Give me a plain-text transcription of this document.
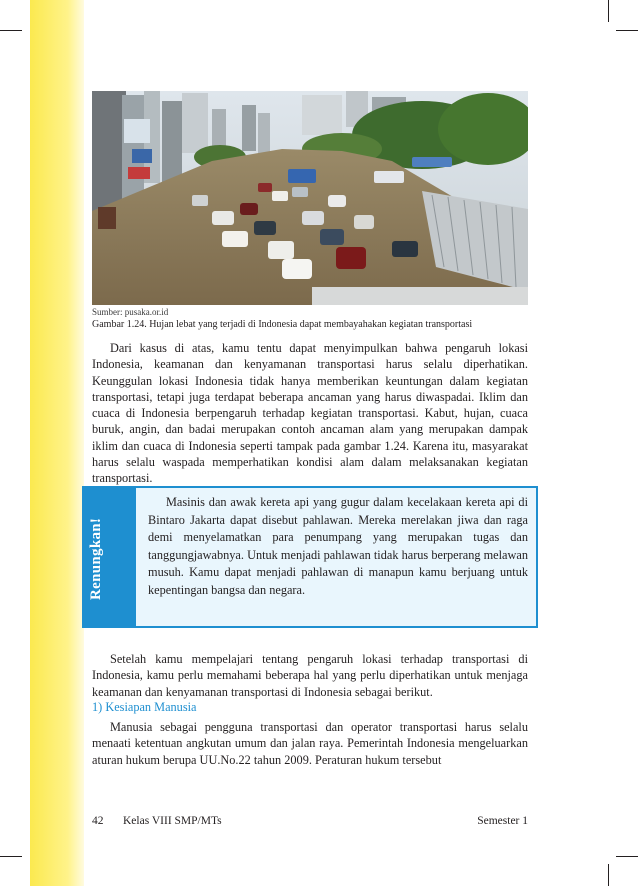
Sumber: pusaka.or.id
Gambar 1.24. Hujan lebat yang terjadi di Indonesia dapat membayahakan kegiatan transportasi

Dari kasus di atas, kamu tentu dapat menyimpulkan bahwa pengaruh lokasi Indonesia, keamanan dan kenyamanan transportasi harus selalu diperhatikan. Keunggulan lokasi Indonesia tidak hanya memberikan keuntungan dalam kegiatan transportasi, tetapi juga terdapat beberapa ancaman yang harus diwaspadai. Iklim dan cuaca di Indonesia berpengaruh terhadap kegiatan transportasi. Kabut, hujan, cuaca buruk, angin, dan badai merupakan contoh ancaman alam yang merupakan dampak iklim dan cuaca di Indonesia seperti tampak pada gambar 1.24. Karena itu, masyarakat harus selalu waspada memperhatikan kondisi alam dalam melaksanakan kegiatan transportasi.

Renungkan!

Masinis dan awak kereta api yang gugur dalam kecelakaan kereta api di Bintaro Jakarta dapat disebut pahlawan. Mereka merelakan jiwa dan raga demi menyelamatkan para penumpang yang merupakan tugas dan tanggungjawabnya. Untuk menjadi pahlawan tidak harus berperang melawan musuh. Kamu dapat menjadi pahlawan di manapun kamu berjuang untuk kepentingan bangsa dan negara.

Setelah kamu mempelajari tentang pengaruh lokasi terhadap transportasi di Indonesia, kamu perlu memahami beberapa hal yang perlu diperhatikan untuk menjaga keamanan dan kenyamanan transportasi di Indonesia sebagai berikut.

1) Kesiapan Manusia

Manusia sebagai pengguna transportasi dan operator transportasi harus selalu menaati ketentuan angkutan umum dan jalan raya. Pemerintah Indonesia mengeluarkan aturan hukum berupa UU.No.22 tahun 2009. Peraturan hukum tersebut

42 Kelas VIII SMP/MTs	Semester 1
